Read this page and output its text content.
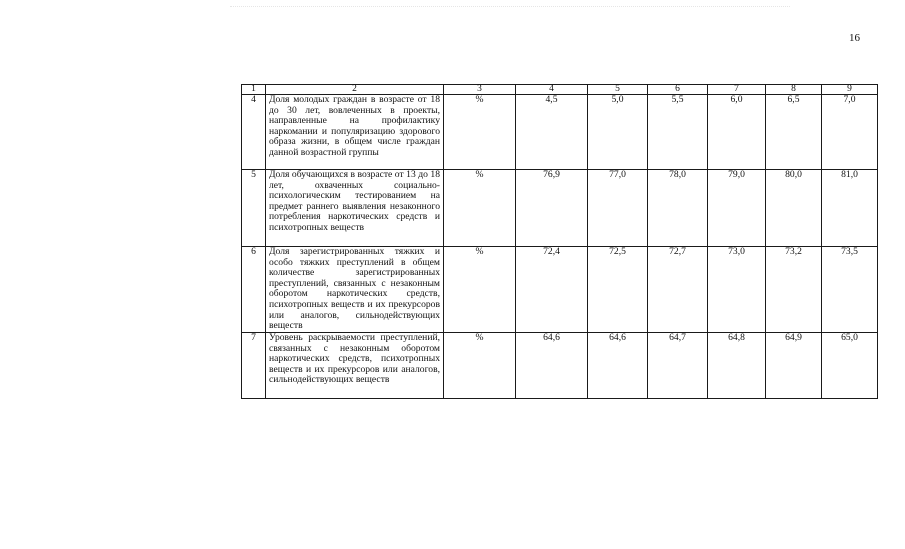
16
1	2	3	4	5	6	7	8	9
4	Доля молодых граждан в возрасте от 18 до 30 лет, вовлеченных в проекты, направленные на профилактику наркомании и популяризацию здорового образа жизни, в общем числе граждан данной возрастной группы	%	4,5	5,0	5,5	6,0	6,5	7,0
5	Доля обучающихся в возрасте от 13 до 18 лет, охваченных социально-психологическим тестированием на предмет раннего выявления незаконного потребления наркотических средств и психотропных веществ	%	76,9	77,0	78,0	79,0	80,0	81,0
6	Доля зарегистрированных тяжких и особо тяжких преступлений в общем количестве зарегистрированных преступлений, связанных с незаконным оборотом наркотических средств, психотропных веществ и их прекурсоров или аналогов, сильнодействующих веществ	%	72,4	72,5	72,7	73,0	73,2	73,5
7	Уровень раскрываемости преступлений, связанных с незаконным оборотом наркотических средств, психотропных веществ и их прекурсоров или аналогов, сильнодействующих веществ	%	64,6	64,6	64,7	64,8	64,9	65,0
